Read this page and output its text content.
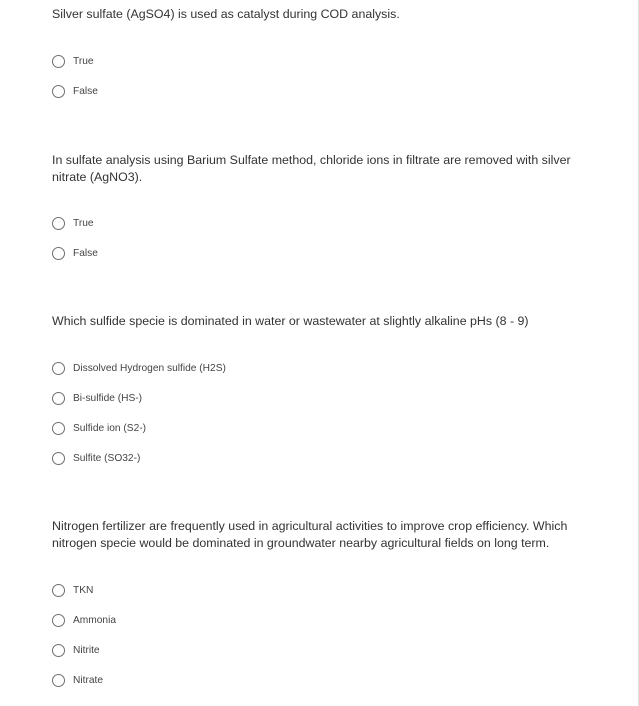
Silver sulfate (AgSO4) is used as catalyst during COD analysis.

True
False

In sulfate analysis using Barium Sulfate method, chloride ions in filtrate are removed with silver nitrate (AgNO3).

True
False

Which sulfide specie is dominated in water or wastewater at slightly alkaline pHs (8 - 9)

Dissolved Hydrogen sulfide (H2S)
Bi-sulfide (HS-)
Sulfide ion (S2-)
Sulfite (SO32-)

Nitrogen fertilizer are frequently used in agricultural activities to improve crop efficiency. Which nitrogen specie would be dominated in groundwater nearby agricultural fields on long term.

TKN
Ammonia
Nitrite
Nitrate
